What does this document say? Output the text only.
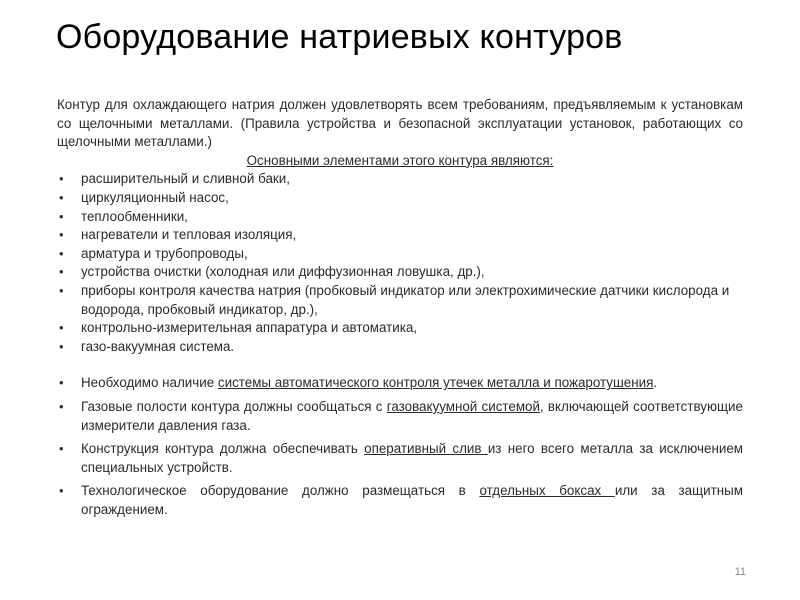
Оборудование натриевых контуров

Контур для охлаждающего натрия должен удовлетворять всем требованиям, предъявляемым к установкам со щелочными металлами. (Правила устройства и безопасной эксплуатации установок, работающих со щелочными металлами.)

Основными элементами этого контура являются:

• расширительный и сливной баки,
• циркуляционный насос,
• теплообменники,
• нагреватели и тепловая изоляция,
• арматура и трубопроводы,
• устройства очистки (холодная или диффузионная ловушка, др.),
• приборы контроля качества натрия (пробковый индикатор или электрохимические датчики кислорода и водорода, пробковый индикатор, др.),
• контрольно-измерительная аппаратура и автоматика,
• газо-вакуумная система.
• Необходимо наличие системы автоматического контроля утечек металла и пожаротушения.
• Газовые полости контура должны сообщаться с газовакуумной системой, включающей соответствующие измерители давления газа.
• Конструкция контура должна обеспечивать оперативный слив из него всего металла за исключением специальных устройств.
• Технологическое оборудование должно размещаться в отдельных боксах или за защитным ограждением.
11
